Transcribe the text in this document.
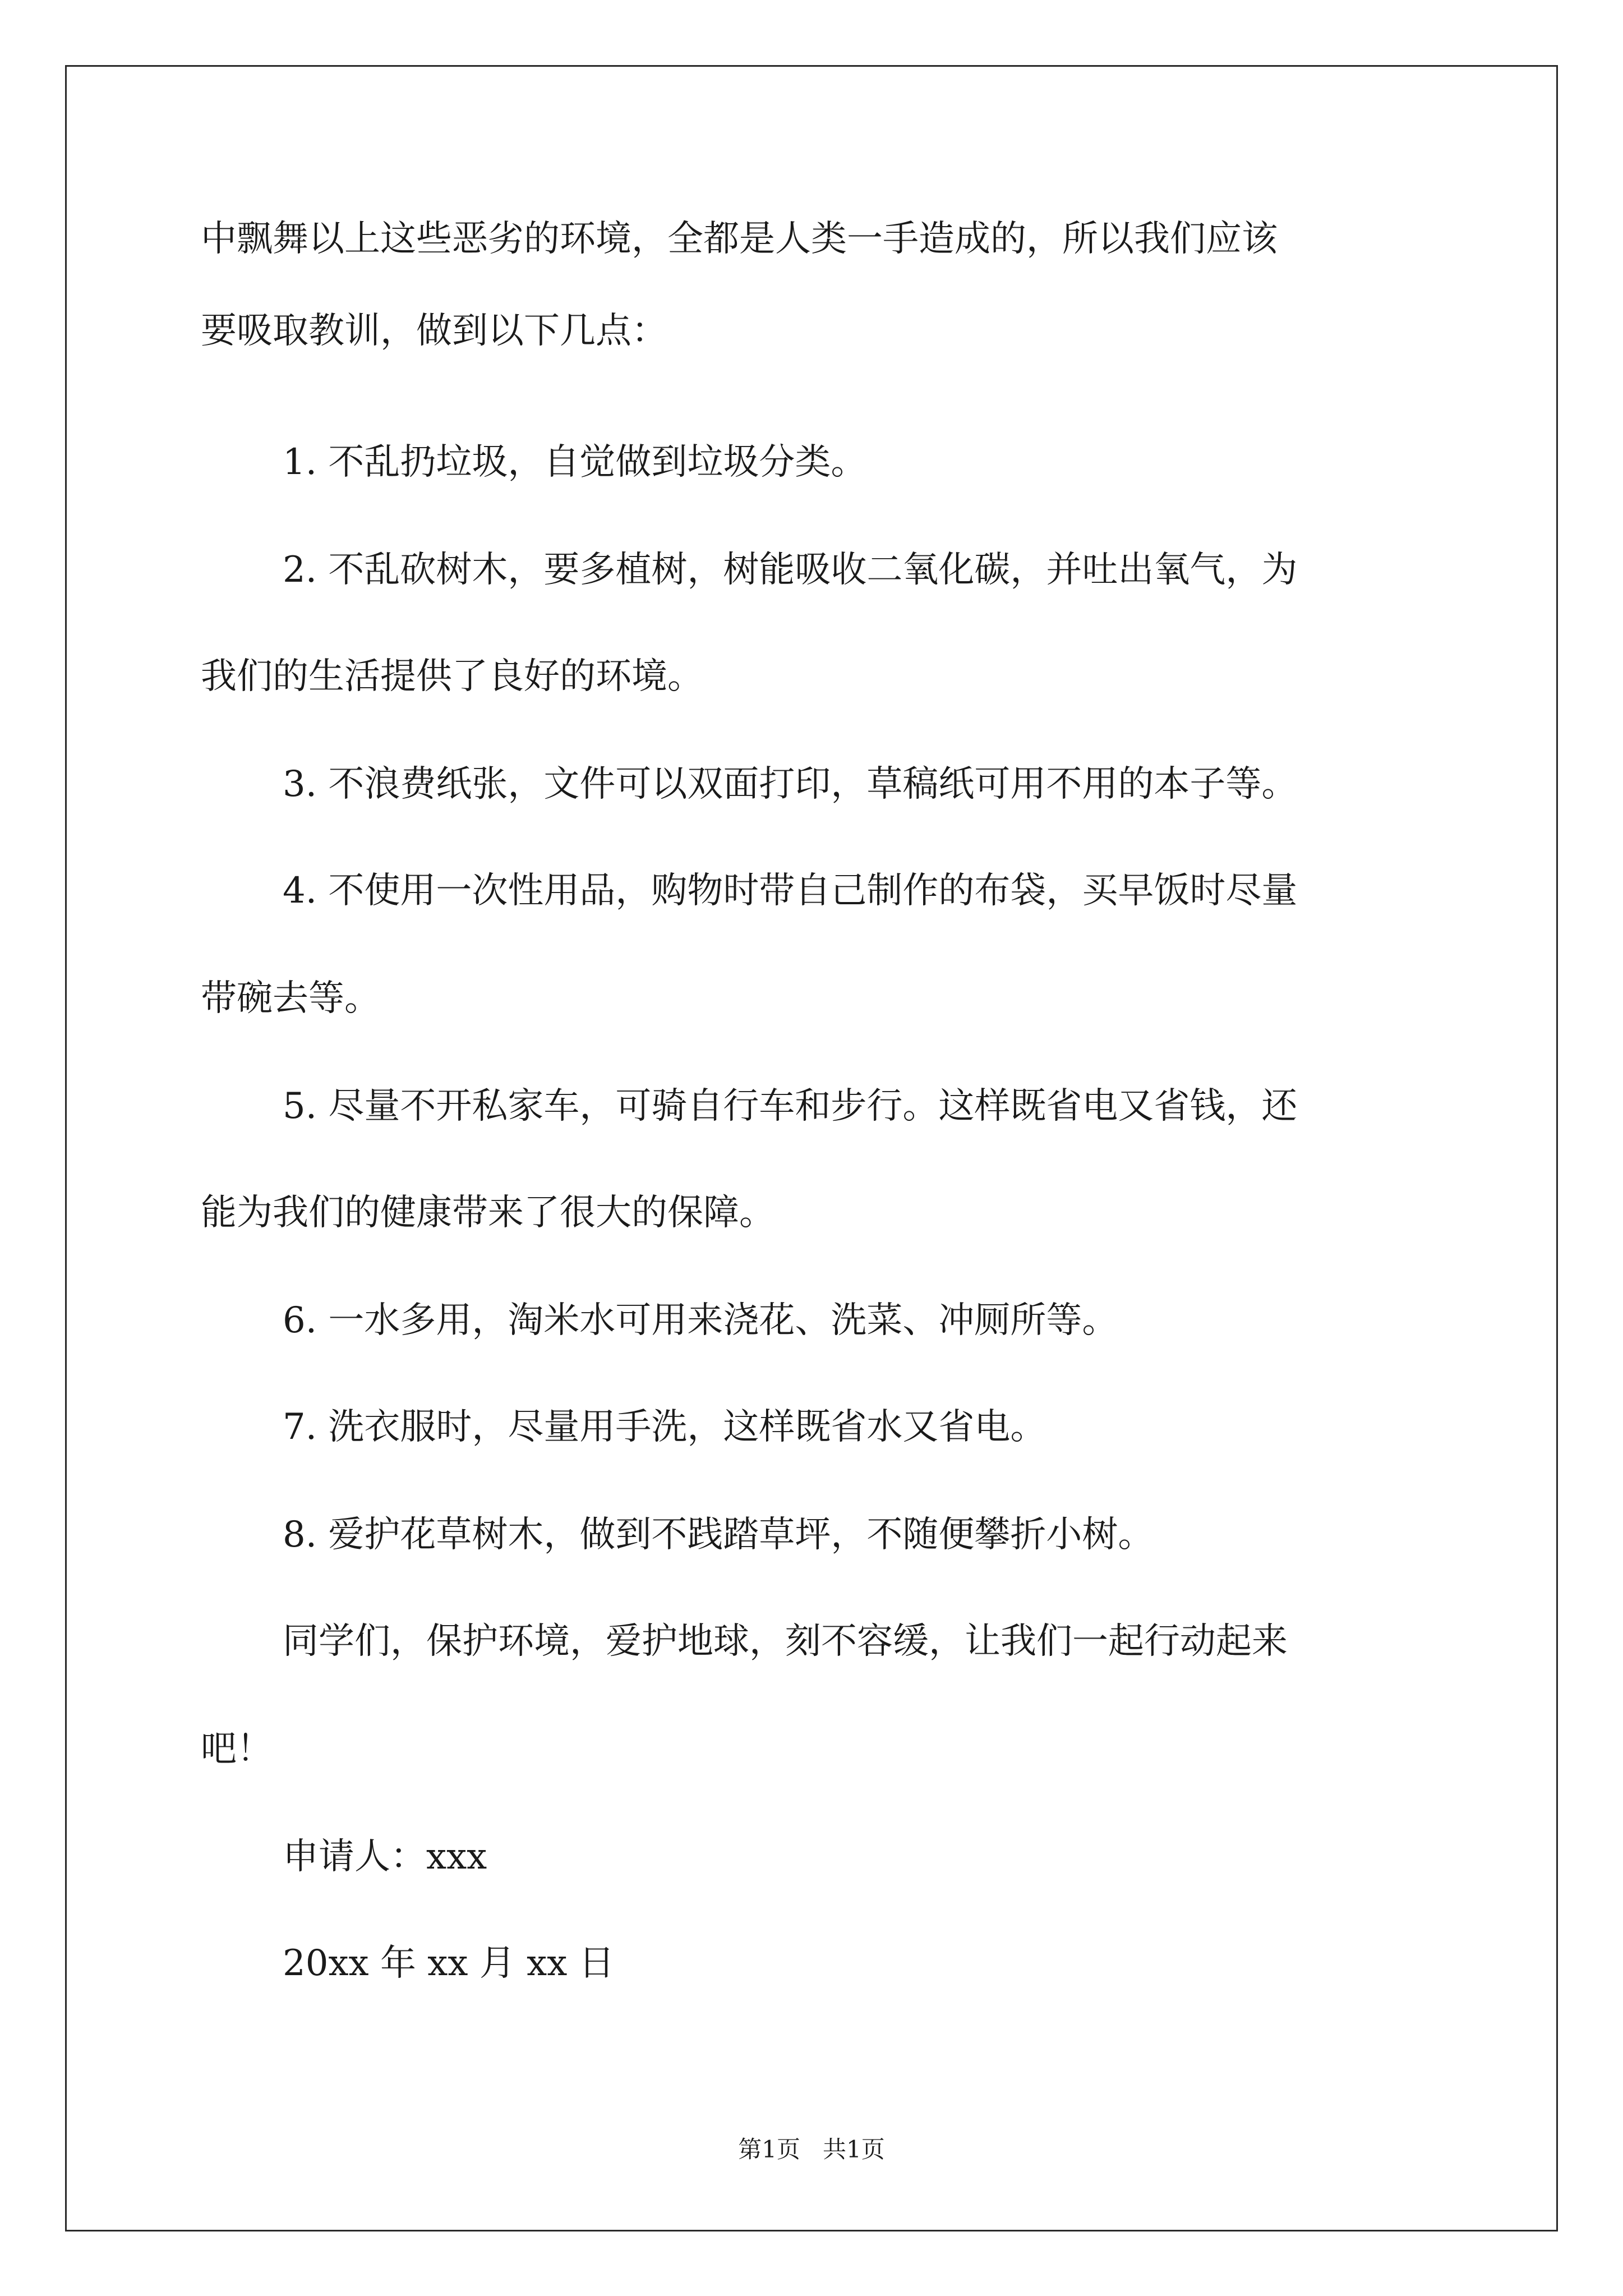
中飘舞以上这些恶劣的环境，全都是人类一手造成的，所以我们应该
要吸取教训，做到以下几点：
1. 不乱扔垃圾，自觉做到垃圾分类。
2. 不乱砍树木，要多植树，树能吸收二氧化碳，并吐出氧气，为
我们的生活提供了良好的环境。
3. 不浪费纸张，文件可以双面打印，草稿纸可用不用的本子等。
4. 不使用一次性用品，购物时带自己制作的布袋，买早饭时尽量
带碗去等。
5. 尽量不开私家车，可骑自行车和步行。这样既省电又省钱，还
能为我们的健康带来了很大的保障。
6. 一水多用，淘米水可用来浇花、洗菜、冲厕所等。
7. 洗衣服时，尽量用手洗，这样既省水又省电。
8. 爱护花草树木，做到不践踏草坪，不随便攀折小树。
同学们，保护环境，爱护地球，刻不容缓，让我们一起行动起来
吧！
申请人：xxx
20xx 年 xx 月 xx 日
第1页   共1页
